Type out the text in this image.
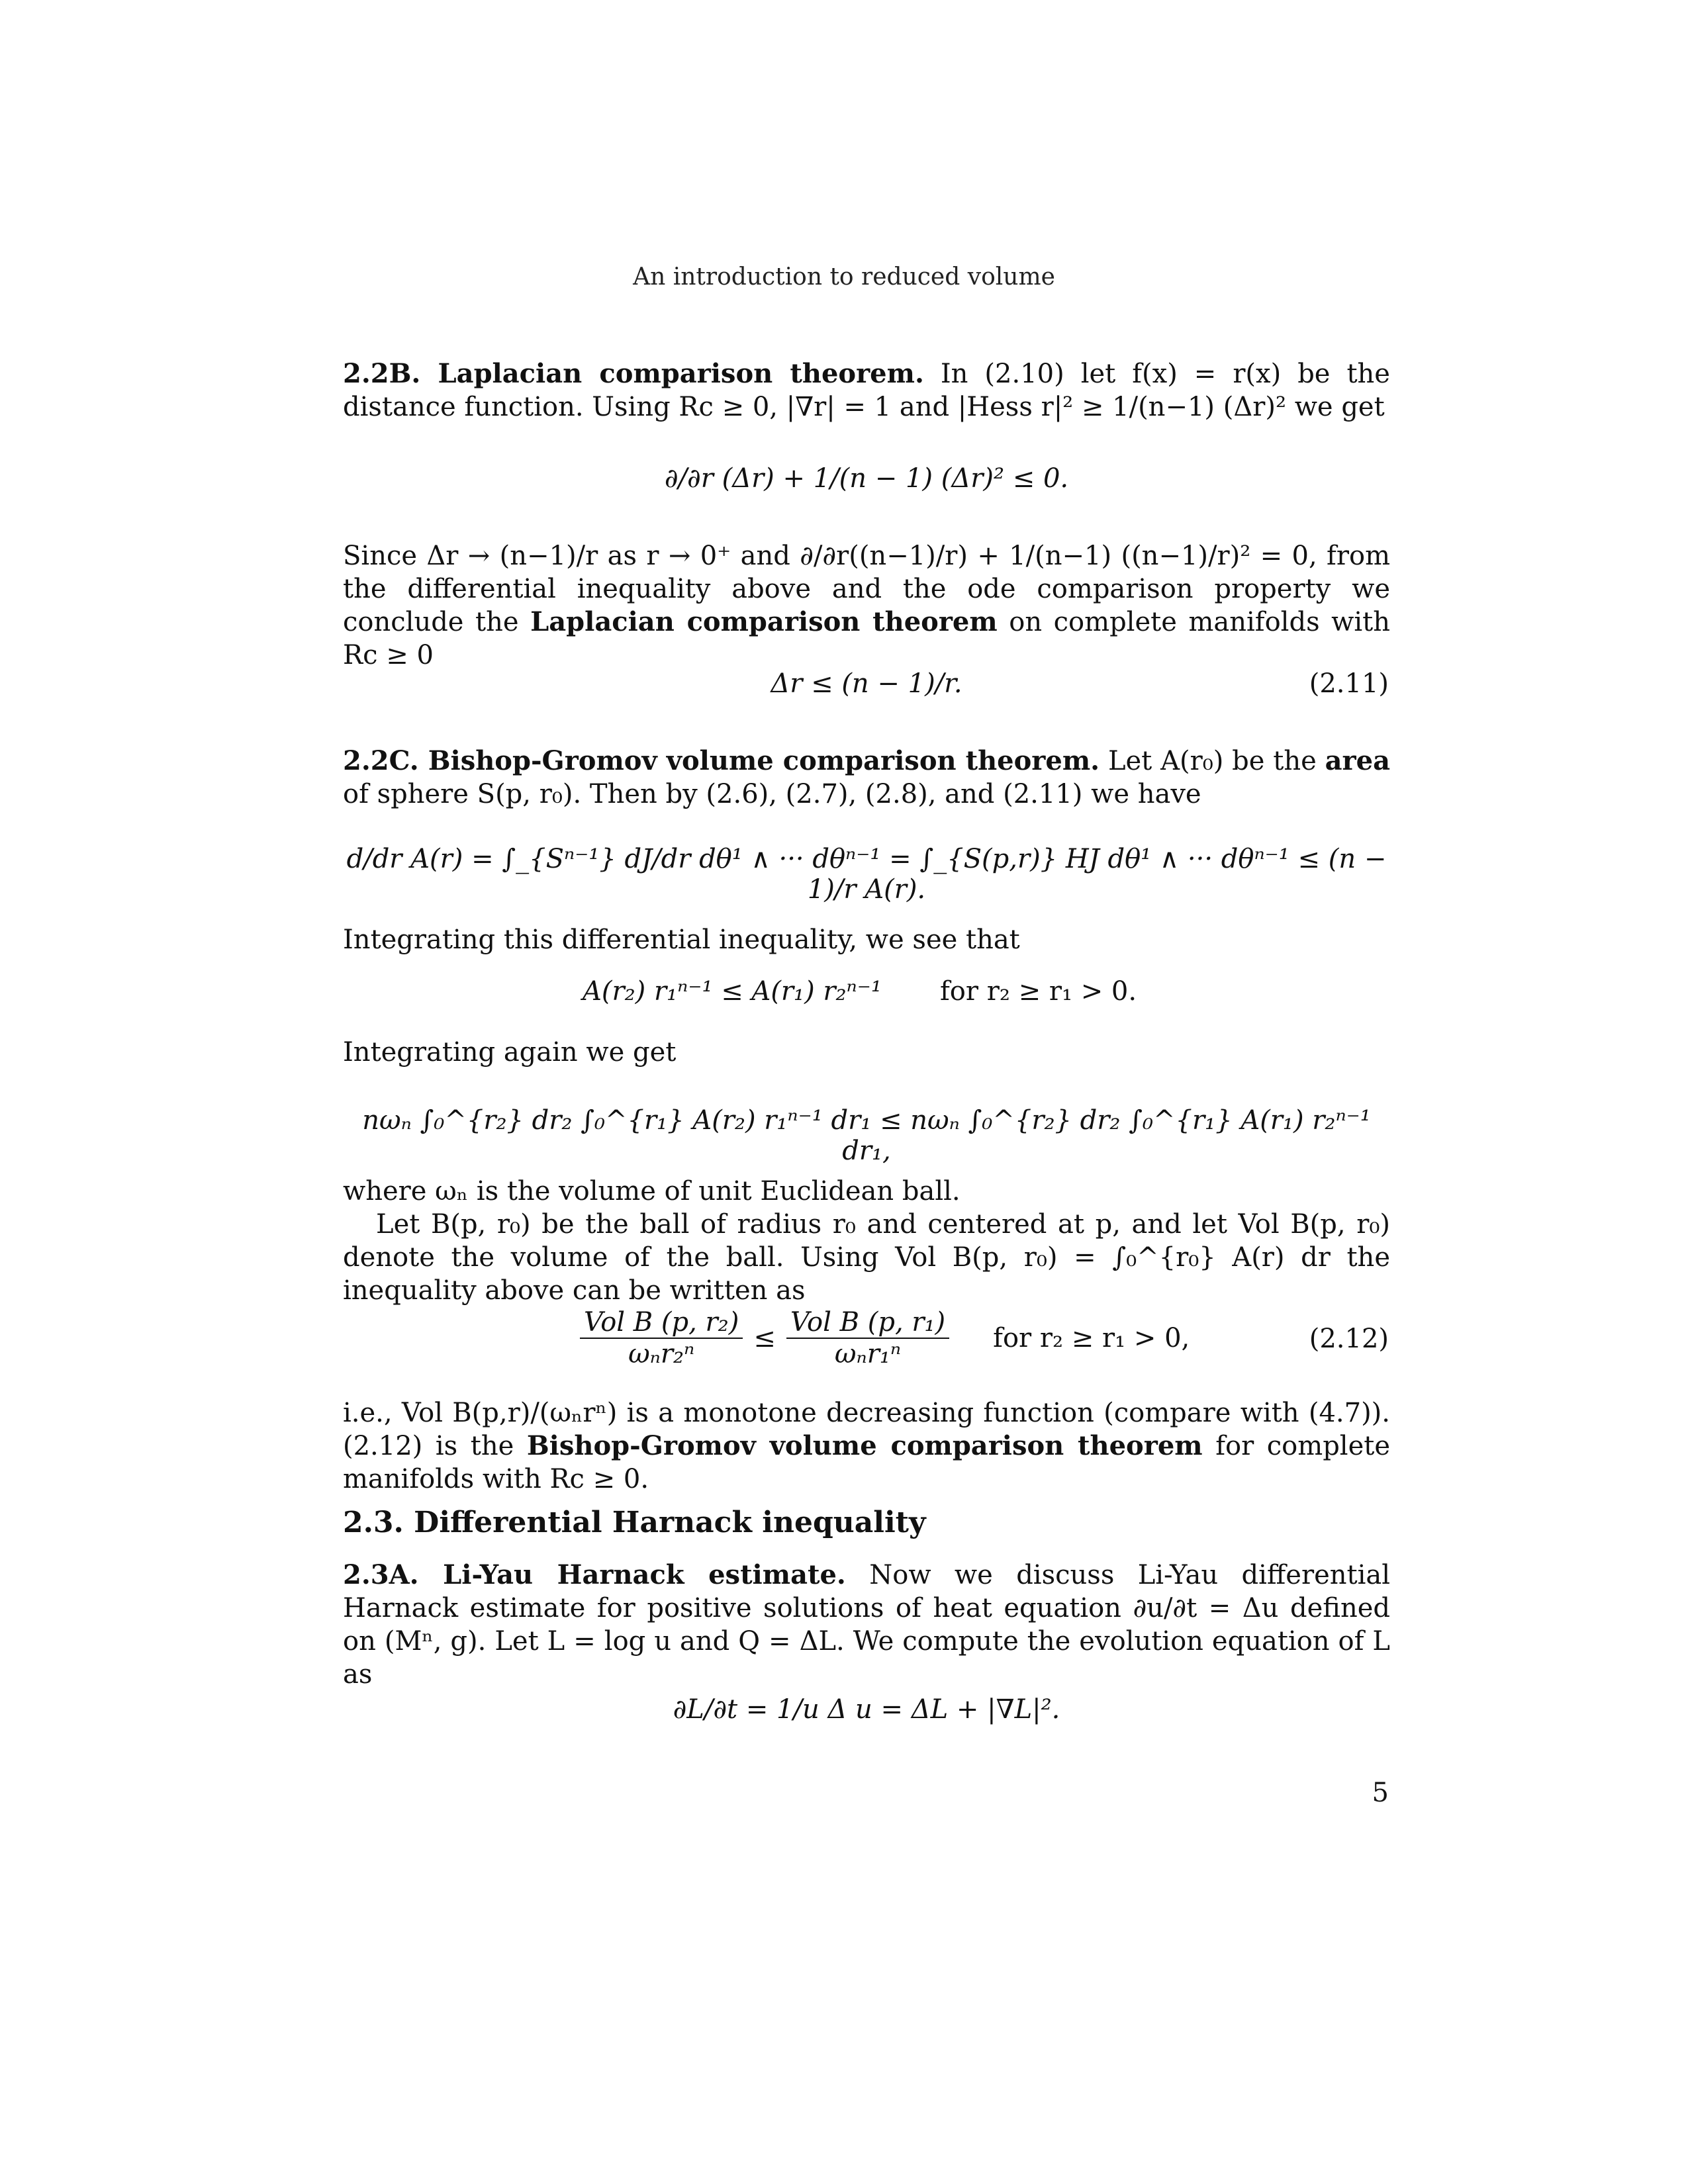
An introduction to reduced volume

2.2B. Laplacian comparison theorem. In (2.10) let f(x) = r(x) be the distance function. Using Rc ≥ 0, |∇r| = 1 and |Hess r|² ≥ 1/(n−1) (Δr)² we get

∂/∂r (Δr) + 1/(n − 1) (Δr)² ≤ 0.

Since Δr → (n−1)/r as r → 0⁺ and ∂/∂r((n−1)/r) + 1/(n−1) ((n−1)/r)² = 0, from the differential inequality above and the ode comparison property we conclude the Laplacian comparison theorem on complete manifolds with Rc ≥ 0

Δr ≤ (n − 1)/r.	(2.11)

2.2C. Bishop-Gromov volume comparison theorem. Let A(r₀) be the area of sphere S(p, r₀). Then by (2.6), (2.7), (2.8), and (2.11) we have

d/dr A(r) = ∫_{Sⁿ⁻¹} dJ/dr dθ¹ ∧ ··· dθⁿ⁻¹ = ∫_{S(p,r)} HJ dθ¹ ∧ ··· dθⁿ⁻¹ ≤ (n − 1)/r A(r).

Integrating this differential inequality, we see that

A(r₂) r₁ⁿ⁻¹ ≤ A(r₁) r₂ⁿ⁻¹	for r₂ ≥ r₁ > 0.

Integrating again we get

nωₙ ∫₀^{r₂} dr₂ ∫₀^{r₁} A(r₂) r₁ⁿ⁻¹ dr₁ ≤ nωₙ ∫₀^{r₂} dr₂ ∫₀^{r₁} A(r₁) r₂ⁿ⁻¹ dr₁,

where ωₙ is the volume of unit Euclidean ball.

Let B(p, r₀) be the ball of radius r₀ and centered at p, and let Vol B(p, r₀) denote the volume of the ball. Using Vol B(p, r₀) = ∫₀^{r₀} A(r) dr the inequality above can be written as

$\frac{\text{Vol B (p, r₂)}}{\text{ωₙr₂ⁿ}} \le \frac{\text{Vol B (p, r₁)}}{\text{ωₙr₁ⁿ}}$ for r₂ ≥ r₁ > 0,	(2.12)

i.e., Vol B(p,r)/(ωₙrⁿ) is a monotone decreasing function (compare with (4.7)). (2.12) is the Bishop-Gromov volume comparison theorem for complete manifolds with Rc ≥ 0.

2.3. Differential Harnack inequality

2.3A. Li-Yau Harnack estimate. Now we discuss Li-Yau differential Harnack estimate for positive solutions of heat equation ∂u/∂t = Δu defined on (Mⁿ, g). Let L = log u and Q = ΔL. We compute the evolution equation of L as

∂L/∂t = 1/u Δ u = ΔL + |∇L|².
5
